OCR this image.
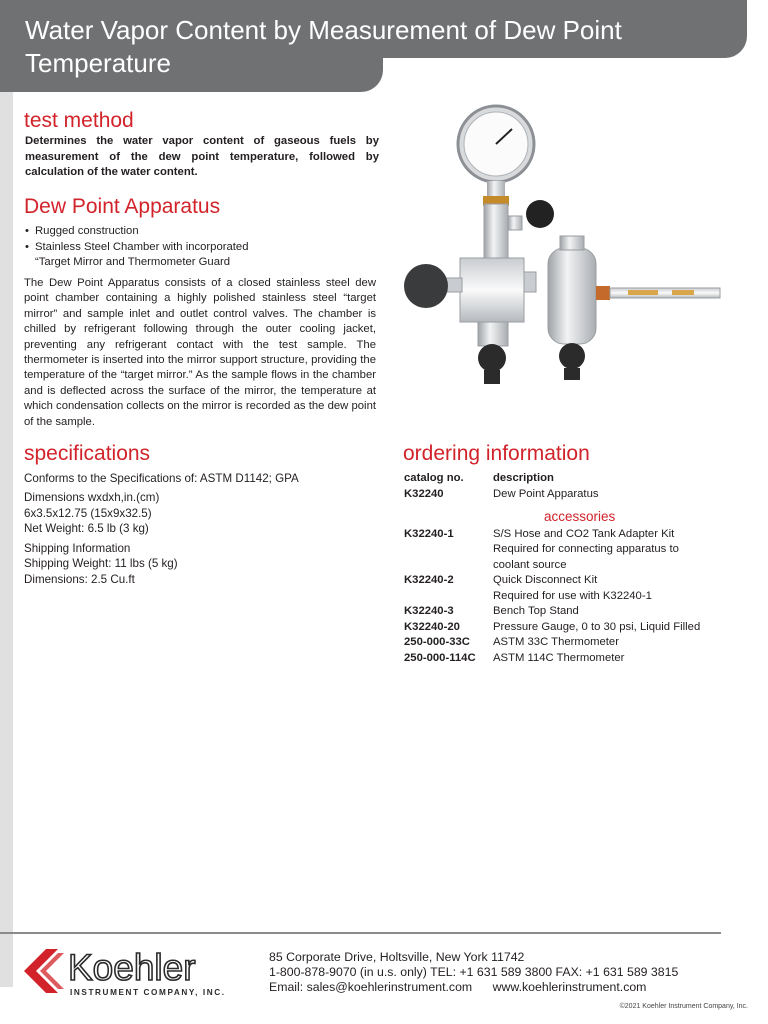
Water Vapor Content by Measurement of Dew Point Temperature
test method

Determines the water vapor content of gaseous fuels by measurement of the dew point temperature, followed by calculation of the water content.

Dew Point Apparatus
• Rugged construction
• Stainless Steel Chamber with incorporated
“Target Mirror and Thermometer Guard

The Dew Point Apparatus consists of a closed stainless steel dew point chamber containing a highly polished stainless steel “target mirror” and sample inlet and outlet control valves. The chamber is chilled by refrigerant following through the outer cooling jacket, preventing any refrigerant contact with the test sample. The thermometer is inserted into the mirror support structure, providing the temperature of the “target mirror.” As the sample flows in the chamber and is deflected across the surface of the mirror, the temperature at which condensation collects on the mirror is recorded as the dew point of the sample.

specifications
Conforms to the Specifications of: ASTM D1142; GPA
Dimensions wxdxh,in.(cm)
6x3.5x12.75 (15x9x32.5)
Net Weight: 6.5 lb (3 kg)
Shipping Information
Shipping Weight: 11 lbs (5 kg)
Dimensions: 2.5 Cu.ft
ordering information
catalog no.	description
K32240	Dew Point Apparatus
accessories
K32240-1	S/S Hose and CO2 Tank Adapter Kit
Required for connecting apparatus to
coolant source
K32240-2	Quick Disconnect Kit
Required for use with K32240-1
K32240-3	Bench Top Stand
K32240-20	Pressure Gauge, 0 to 30 psi, Liquid Filled
250-000-33C	ASTM 33C Thermometer
250-000-114C	ASTM 114C Thermometer
Koehler
INSTRUMENT COMPANY, INC.
85 Corporate Drive, Holtsville, New York 11742
1-800-878-9070 (in u.s. only) TEL: +1 631 589 3800 FAX: +1 631 589 3815
Email: sales@koehlerinstrument.com      www.koehlerinstrument.com
©2021 Koehler Instrument Company, Inc.
